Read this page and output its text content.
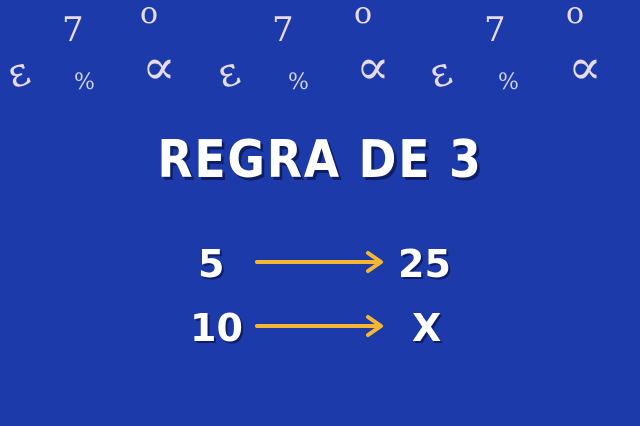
ε
7
%
o
∝ ε
7
%
o
∝ ε
7
%
o
∝
REGRA DE 3
5	25
10	X
